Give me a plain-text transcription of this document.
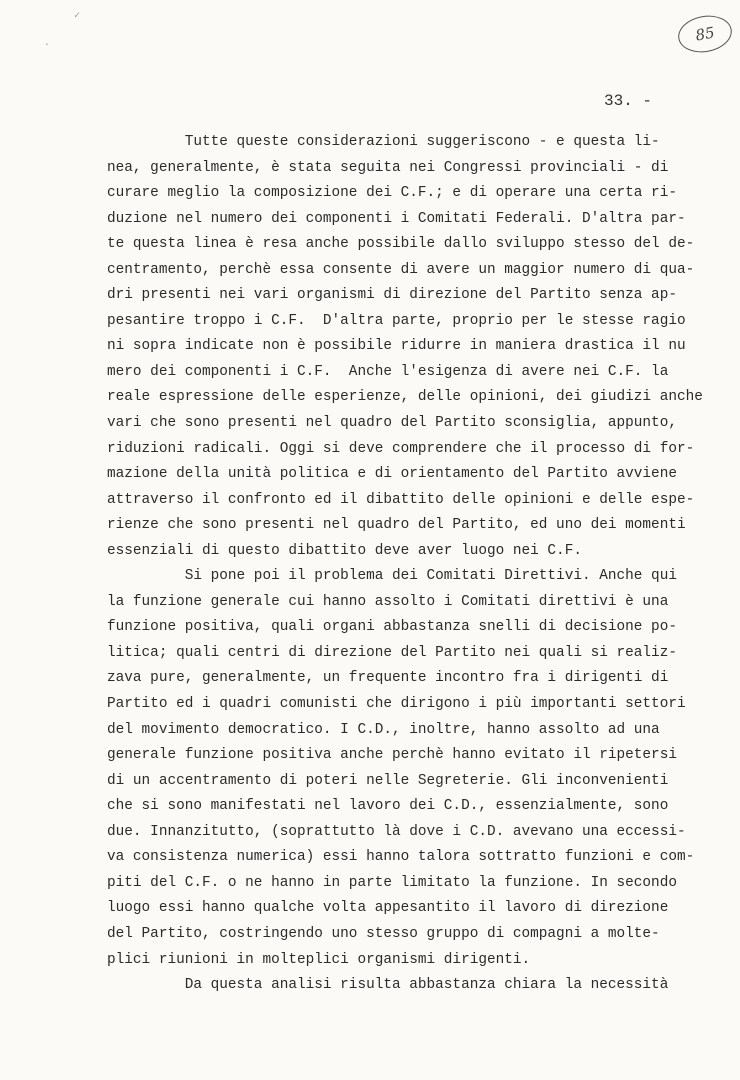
✓
·
85
33. -
Tutte queste considerazioni suggeriscono - e questa li-
nea, generalmente, è stata seguita nei Congressi provinciali - di
curare meglio la composizione dei C.F.; e di operare una certa ri-
duzione nel numero dei componenti i Comitati Federali. D'altra par-
te questa linea è resa anche possibile dallo sviluppo stesso del de-
centramento, perchè essa consente di avere un maggior numero di qua-
dri presenti nei vari organismi di direzione del Partito senza ap-
pesantire troppo i C.F.  D'altra parte, proprio per le stesse ragio
ni sopra indicate non è possibile ridurre in maniera drastica il nu
mero dei componenti i C.F.  Anche l'esigenza di avere nei C.F. la
reale espressione delle esperienze, delle opinioni, dei giudizi anche
vari che sono presenti nel quadro del Partito sconsiglia, appunto,
riduzioni radicali. Oggi si deve comprendere che il processo di for-
mazione della unità politica e di orientamento del Partito avviene
attraverso il confronto ed il dibattito delle opinioni e delle espe-
rienze che sono presenti nel quadro del Partito, ed uno dei momenti
essenziali di questo dibattito deve aver luogo nei C.F.
Si pone poi il problema dei Comitati Direttivi. Anche qui
la funzione generale cui hanno assolto i Comitati direttivi è una
funzione positiva, quali organi abbastanza snelli di decisione po-
litica; quali centri di direzione del Partito nei quali si realiz-
zava pure, generalmente, un frequente incontro fra i dirigenti di
Partito ed i quadri comunisti che dirigono i più importanti settori
del movimento democratico. I C.D., inoltre, hanno assolto ad una
generale funzione positiva anche perchè hanno evitato il ripetersi
di un accentramento di poteri nelle Segreterie. Gli inconvenienti
che si sono manifestati nel lavoro dei C.D., essenzialmente, sono
due. Innanzitutto, (soprattutto là dove i C.D. avevano una eccessi-
va consistenza numerica) essi hanno talora sottratto funzioni e com-
piti del C.F. o ne hanno in parte limitato la funzione. In secondo
luogo essi hanno qualche volta appesantito il lavoro di direzione
del Partito, costringendo uno stesso gruppo di compagni a molte-
plici riunioni in molteplici organismi dirigenti.
Da questa analisi risulta abbastanza chiara la necessità
